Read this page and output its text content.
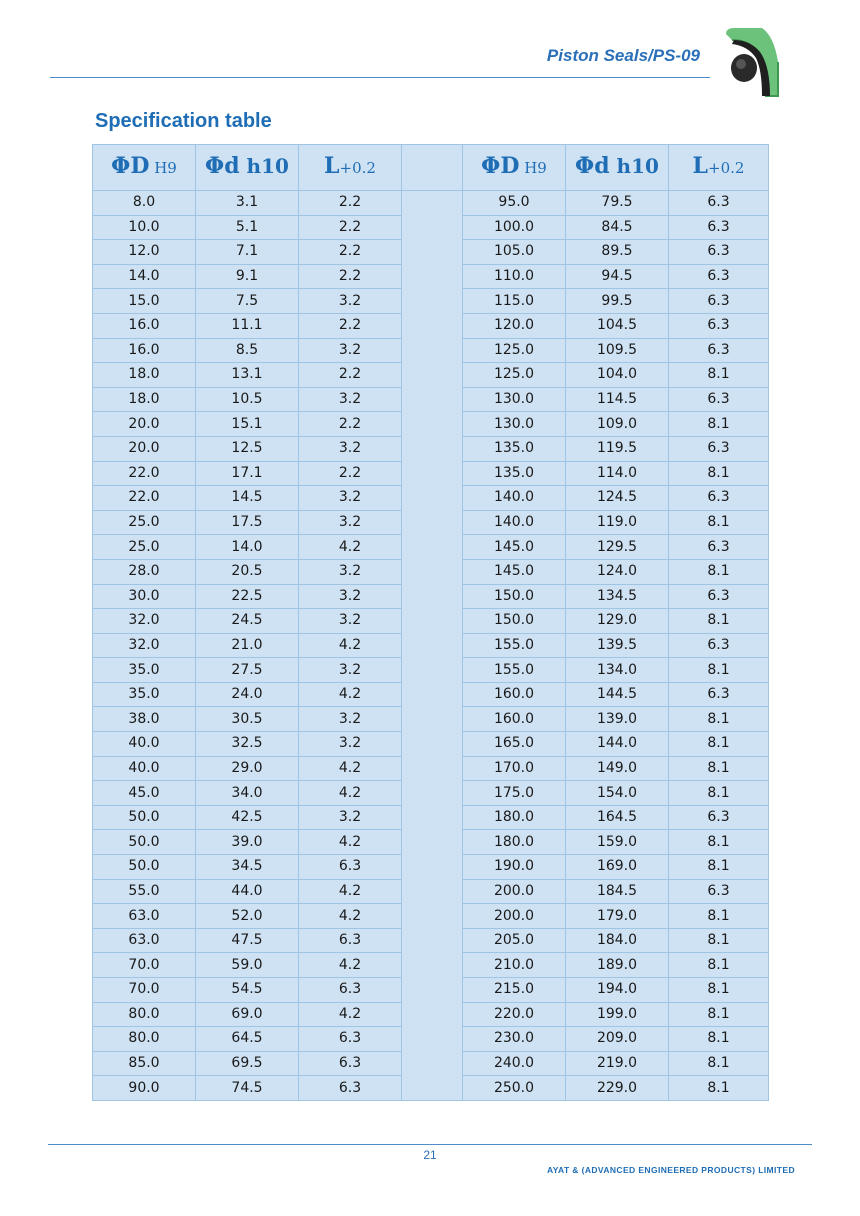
Piston Seals/PS-09
Specification table
ΦD H9	Φd h10	L+0.2		ΦD H9	Φd h10	L+0.2
8.0	3.1	2.2		95.0	79.5	6.3
10.0	5.1	2.2		100.0	84.5	6.3
12.0	7.1	2.2		105.0	89.5	6.3
14.0	9.1	2.2		110.0	94.5	6.3
15.0	7.5	3.2		115.0	99.5	6.3
16.0	11.1	2.2		120.0	104.5	6.3
16.0	8.5	3.2		125.0	109.5	6.3
18.0	13.1	2.2		125.0	104.0	8.1
18.0	10.5	3.2		130.0	114.5	6.3
20.0	15.1	2.2		130.0	109.0	8.1
20.0	12.5	3.2		135.0	119.5	6.3
22.0	17.1	2.2		135.0	114.0	8.1
22.0	14.5	3.2		140.0	124.5	6.3
25.0	17.5	3.2		140.0	119.0	8.1
25.0	14.0	4.2		145.0	129.5	6.3
28.0	20.5	3.2		145.0	124.0	8.1
30.0	22.5	3.2		150.0	134.5	6.3
32.0	24.5	3.2		150.0	129.0	8.1
32.0	21.0	4.2		155.0	139.5	6.3
35.0	27.5	3.2		155.0	134.0	8.1
35.0	24.0	4.2		160.0	144.5	6.3
38.0	30.5	3.2		160.0	139.0	8.1
40.0	32.5	3.2		165.0	144.0	8.1
40.0	29.0	4.2		170.0	149.0	8.1
45.0	34.0	4.2		175.0	154.0	8.1
50.0	42.5	3.2		180.0	164.5	6.3
50.0	39.0	4.2		180.0	159.0	8.1
50.0	34.5	6.3		190.0	169.0	8.1
55.0	44.0	4.2		200.0	184.5	6.3
63.0	52.0	4.2		200.0	179.0	8.1
63.0	47.5	6.3		205.0	184.0	8.1
70.0	59.0	4.2		210.0	189.0	8.1
70.0	54.5	6.3		215.0	194.0	8.1
80.0	69.0	4.2		220.0	199.0	8.1
80.0	64.5	6.3		230.0	209.0	8.1
85.0	69.5	6.3		240.0	219.0	8.1
90.0	74.5	6.3		250.0	229.0	8.1
21
AYAT & (ADVANCED ENGINEERED PRODUCTS) LIMITED
